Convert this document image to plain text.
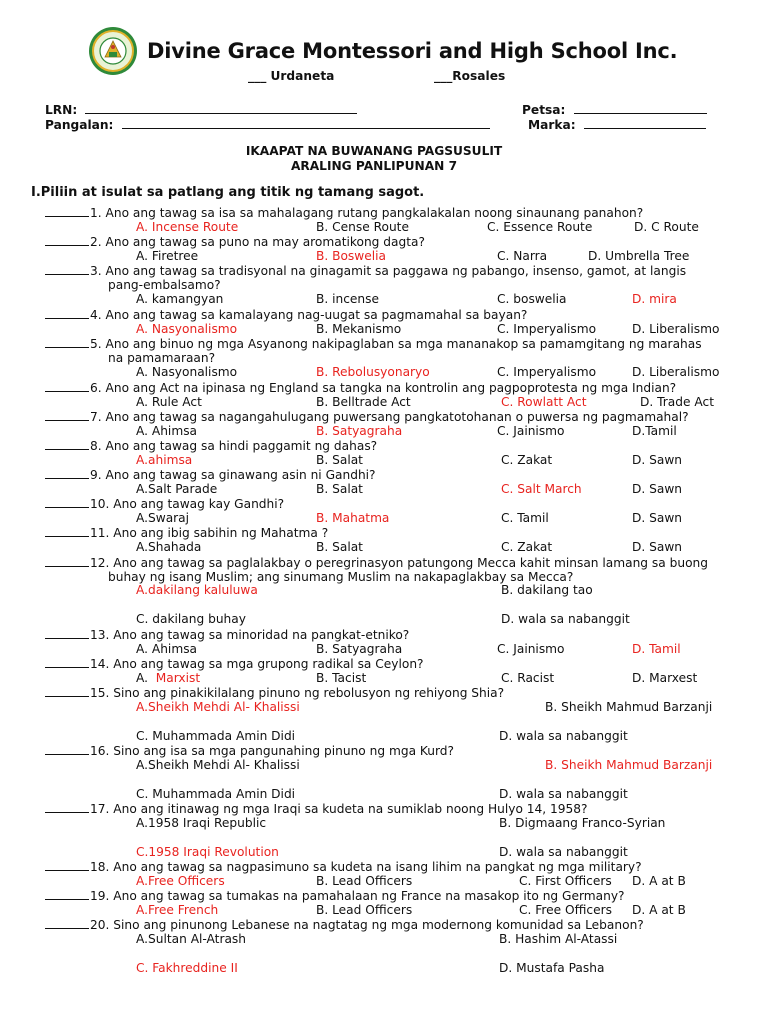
Divine Grace Montessori and High School Inc.
___ Urdaneta	___Rosales
LRN:	Petsa:
Pangalan:	Marka:
IKAAPAT NA BUWANANG PAGSUSULIT
ARALING PANLIPUNAN 7
I.Piliin at isulat sa patlang ang titik ng tamang sagot.
1. Ano ang tawag sa isa sa mahalagang rutang pangkalakalan noong sinaunang panahon?
A. Incense Route	B. Cense Route	C. Essence Route	D. C Route
2. Ano ang tawag sa puno na may aromatikong dagta?
A. Firetree	B. Boswelia	C. Narra	D. Umbrella Tree
3. Ano ang tawag sa tradisyonal na ginagamit sa paggawa ng pabango, insenso, gamot, at langis
pang-embalsamo?
A. kamangyan	B. incense	C. boswelia	D. mira
4. Ano ang tawag sa kamalayang nag-uugat sa pagmamahal sa bayan?
A. Nasyonalismo	B. Mekanismo	C. Imperyalismo	D. Liberalismo
5. Ano ang binuo ng mga Asyanong nakipaglaban sa mga mananakop sa pamamgitang ng marahas
na pamamaraan?
A. Nasyonalismo	B. Rebolusyonaryo	C. Imperyalismo	D. Liberalismo
6. Ano ang Act na ipinasa ng England sa tangka na kontrolin ang pagpoprotesta ng mga Indian?
A. Rule Act	B. Belltrade Act	C. Rowlatt Act	D. Trade Act
7. Ano ang tawag sa nagangahulugang puwersang pangkatotohanan o puwersa ng pagmamahal?
A. Ahimsa	B. Satyagraha	C. Jainismo	D.Tamil
8. Ano ang tawag sa hindi paggamit ng dahas?
A.ahimsa	B. Salat	C. Zakat	D. Sawn
9. Ano ang tawag sa ginawang asin ni Gandhi?
A.Salt Parade	B. Salat	C. Salt March	D. Sawn
10. Ano ang tawag kay Gandhi?
A.Swaraj	B. Mahatma	C. Tamil	D. Sawn
11. Ano ang ibig sabihin ng Mahatma ?
A.Shahada	B. Salat	C. Zakat	D. Sawn
12. Ano ang tawag sa paglalakbay o peregrinasyon patungong Mecca kahit minsan lamang sa buong
buhay ng isang Muslim; ang sinumang Muslim na nakapaglakbay sa Mecca?
A.dakilang kaluluwa	B. dakilang tao
C. dakilang buhay	D. wala sa nabanggit
13. Ano ang tawag sa minoridad na pangkat-etniko?
A. Ahimsa	B. Satyagraha	C. Jainismo	D. Tamil
14. Ano ang tawag sa mga grupong radikal sa Ceylon?
A. Marxist	B. Tacist	C. Racist	D. Marxest
15. Sino ang pinakikilalang pinuno ng rebolusyon ng rehiyong Shia?
A.Sheikh Mehdi Al- Khalissi	B. Sheikh Mahmud Barzanji
C. Muhammada Amin Didi	D. wala sa nabanggit
16. Sino ang isa sa mga pangunahing pinuno ng mga Kurd?
A.Sheikh Mehdi Al- Khalissi	B. Sheikh Mahmud Barzanji
C. Muhammada Amin Didi	D. wala sa nabanggit
17. Ano ang itinawag ng mga Iraqi sa kudeta na sumiklab noong Hulyo 14, 1958?
A.1958 Iraqi Republic	B. Digmaang Franco-Syrian
C.1958 Iraqi Revolution	D. wala sa nabanggit
18. Ano ang tawag sa nagpasimuno sa kudeta na isang lihim na pangkat ng mga military?
A.Free Officers	B. Lead Officers	C. First Officers D. A at B
19. Ano ang tawag sa tumakas na pamahalaan ng France na masakop ito ng Germany?
A.Free French	B. Lead Officers	C. Free Officers D. A at B
20. Sino ang pinunong Lebanese na nagtatag ng mga modernong komunidad sa Lebanon?
A.Sultan Al-Atrash	B. Hashim Al-Atassi
C. Fakhreddine II	D. Mustafa Pasha
